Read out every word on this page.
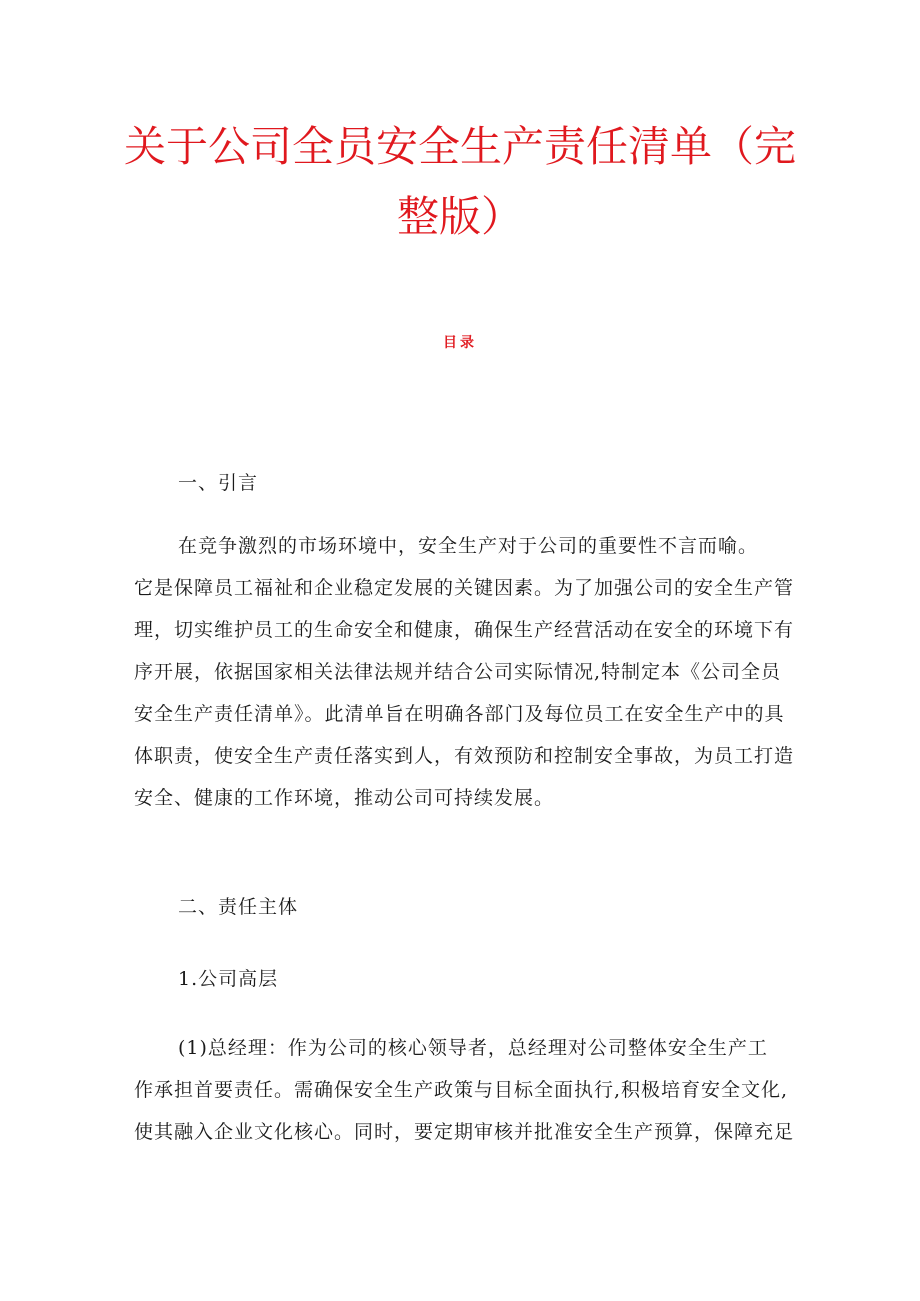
关于公司全员安全生产责任清单（完
整版）
目录
一、引言
在竞争激烈的市场环境中，安全生产对于公司的重要性不言而喻。
它是保障员工福祉和企业稳定发展的关键因素。为了加强公司的安全生产管
理，切实维护员工的生命安全和健康，确保生产经营活动在安全的环境下有
序开展，依据国家相关法律法规并结合公司实际情况,特制定本《公司全员
安全生产责任清单》。此清单旨在明确各部门及每位员工在安全生产中的具
体职责，使安全生产责任落实到人，有效预防和控制安全事故，为员工打造
安全、健康的工作环境，推动公司可持续发展。
二、责任主体
1.公司高层
(1)总经理：作为公司的核心领导者，总经理对公司整体安全生产工
作承担首要责任。需确保安全生产政策与目标全面执行,积极培育安全文化,
使其融入企业文化核心。同时，要定期审核并批准安全生产预算，保障充足
